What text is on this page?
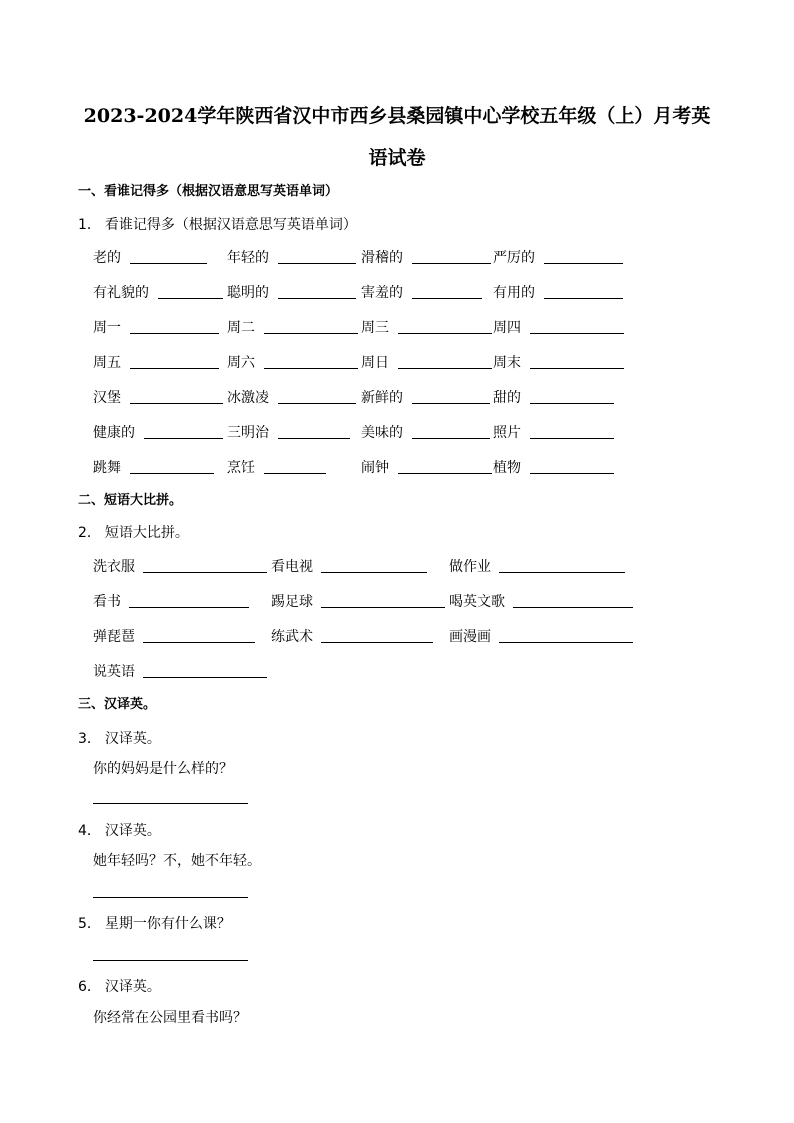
2023-2024学年陕西省汉中市西乡县桑园镇中心学校五年级（上）月考英
语试卷
一、看谁记得多（根据汉语意思写英语单词）
1． 看谁记得多（根据汉语意思写英语单词）
老的	年轻的	滑稽的	严厉的
有礼貌的	聪明的	害羞的	有用的
周一	周二	周三	周四
周五	周六	周日	周末
汉堡	冰激凌	新鲜的	甜的
健康的	三明治	美味的	照片
跳舞	烹饪	闹钟	植物
二、短语大比拼。
2． 短语大比拼。
洗衣服	看电视	做作业
看书	踢足球	喝英文歌
弹琵琶	练武术	画漫画
说英语
三、汉译英。
3． 汉译英。
你的妈妈是什么样的？
4． 汉译英。
她年轻吗？不，她不年轻。
5． 星期一你有什么课？
6． 汉译英。
你经常在公园里看书吗？
